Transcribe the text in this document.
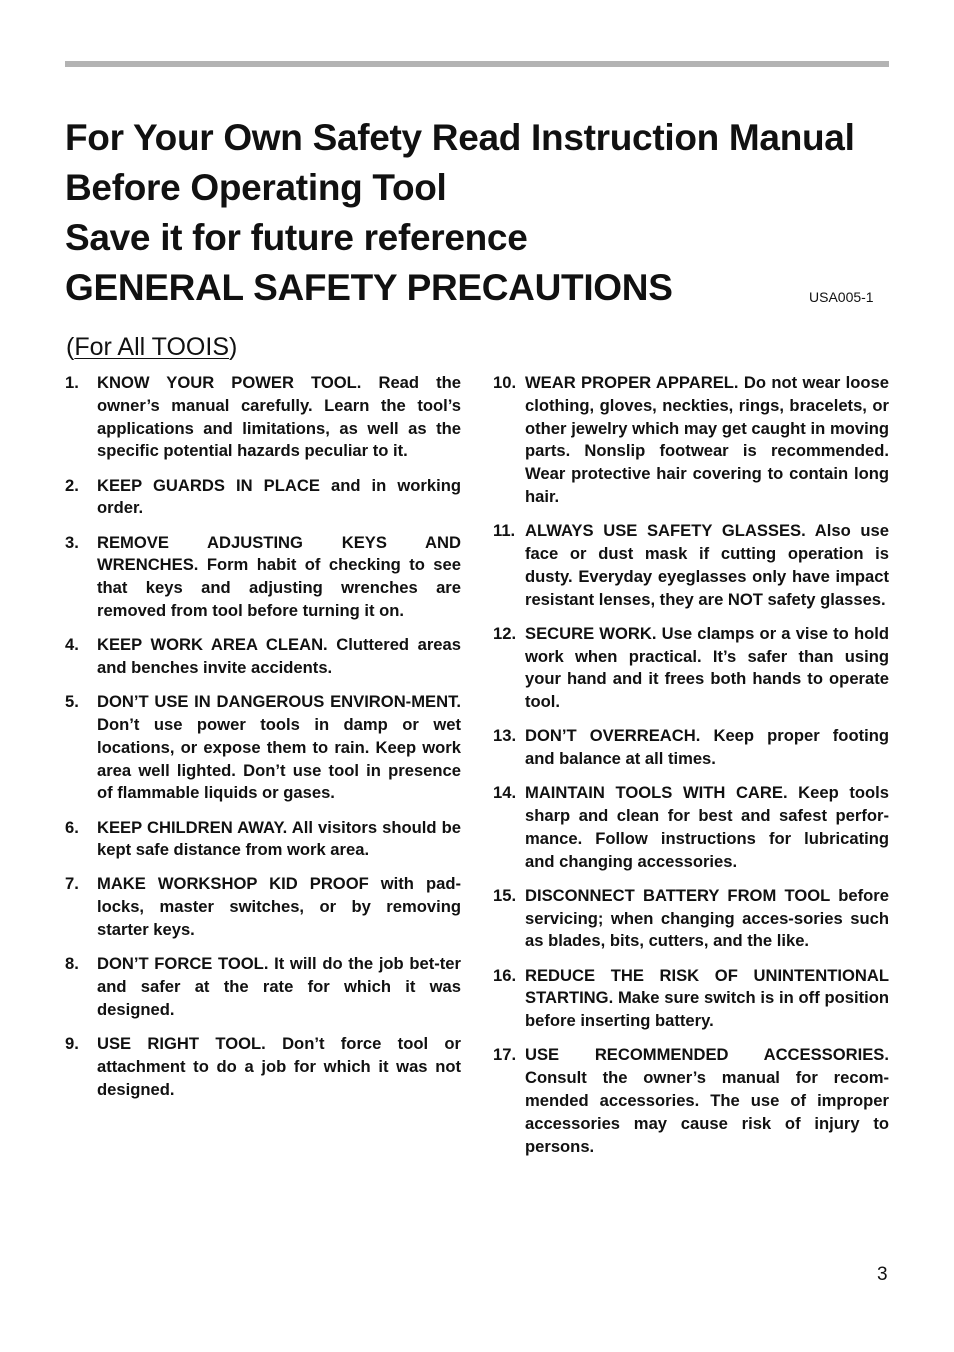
For Your Own Safety Read Instruction Manual
Before Operating Tool
Save it for future reference
GENERAL SAFETY PRECAUTIONS	USA005-1
(For All TOOIS)
1.	KNOW YOUR POWER TOOL. Read the owner’s manual carefully. Learn the tool’s applications and limitations, as well as the specific potential hazards peculiar to it.
2.	KEEP GUARDS IN PLACE and in working order.
3.	REMOVE ADJUSTING KEYS AND WRENCHES. Form habit of checking to see that keys and adjusting wrenches are removed from tool before turning it on.
4.	KEEP WORK AREA CLEAN. Cluttered areas and benches invite accidents.
5.	DON’T USE IN DANGEROUS ENVIRON-MENT. Don’t use power tools in damp or wet locations, or expose them to rain. Keep work area well lighted. Don’t use tool in presence of flammable liquids or gases.
6.	KEEP CHILDREN AWAY. All visitors should be kept safe distance from work area.
7.	MAKE WORKSHOP KID PROOF with pad-locks, master switches, or by removing starter keys.
8.	DON’T FORCE TOOL. It will do the job bet-ter and safer at the rate for which it was designed.
9.	USE RIGHT TOOL. Don’t force tool or attachment to do a job for which it was not designed.
10. WEAR PROPER APPAREL. Do not wear loose clothing, gloves, neckties, rings, bracelets, or other jewelry which may get caught in moving parts. Nonslip footwear is recommended. Wear protective hair covering to contain long hair.
11. ALWAYS USE SAFETY GLASSES. Also use face or dust mask if cutting operation is dusty. Everyday eyeglasses only have impact resistant lenses, they are NOT safety glasses.
12. SECURE WORK. Use clamps or a vise to hold work when practical. It’s safer than using your hand and it frees both hands to operate tool.
13. DON’T OVERREACH. Keep proper footing and balance at all times.
14. MAINTAIN TOOLS WITH CARE. Keep tools sharp and clean for best and safest perfor-mance. Follow instructions for lubricating and changing accessories.
15. DISCONNECT BATTERY FROM TOOL before servicing; when changing acces-sories such as blades, bits, cutters, and the like.
16. REDUCE THE RISK OF UNINTENTIONAL STARTING. Make sure switch is in off position before inserting battery.
17. USE RECOMMENDED ACCESSORIES. Consult the owner’s manual for recom-mended accessories. The use of improper accessories may cause risk of injury to persons.
3
